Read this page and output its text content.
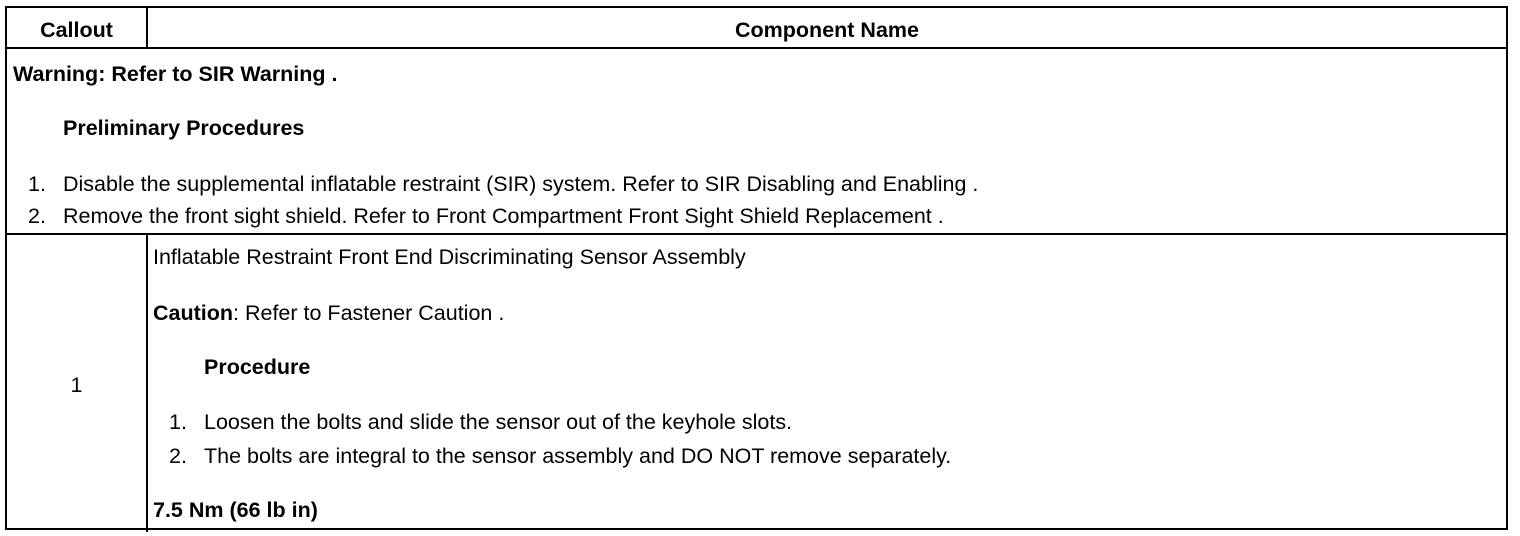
Callout	Component Name
Warning: Refer to SIR Warning .
Preliminary Procedures
1. Disable the supplemental inflatable restraint (SIR) system. Refer to SIR Disabling and Enabling .
2. Remove the front sight shield. Refer to Front Compartment Front Sight Shield Replacement .
1
Inflatable Restraint Front End Discriminating Sensor Assembly
Caution: Refer to Fastener Caution .
Procedure
1. Loosen the bolts and slide the sensor out of the keyhole slots.
2. The bolts are integral to the sensor assembly and DO NOT remove separately.
7.5 Nm (66 lb in)
